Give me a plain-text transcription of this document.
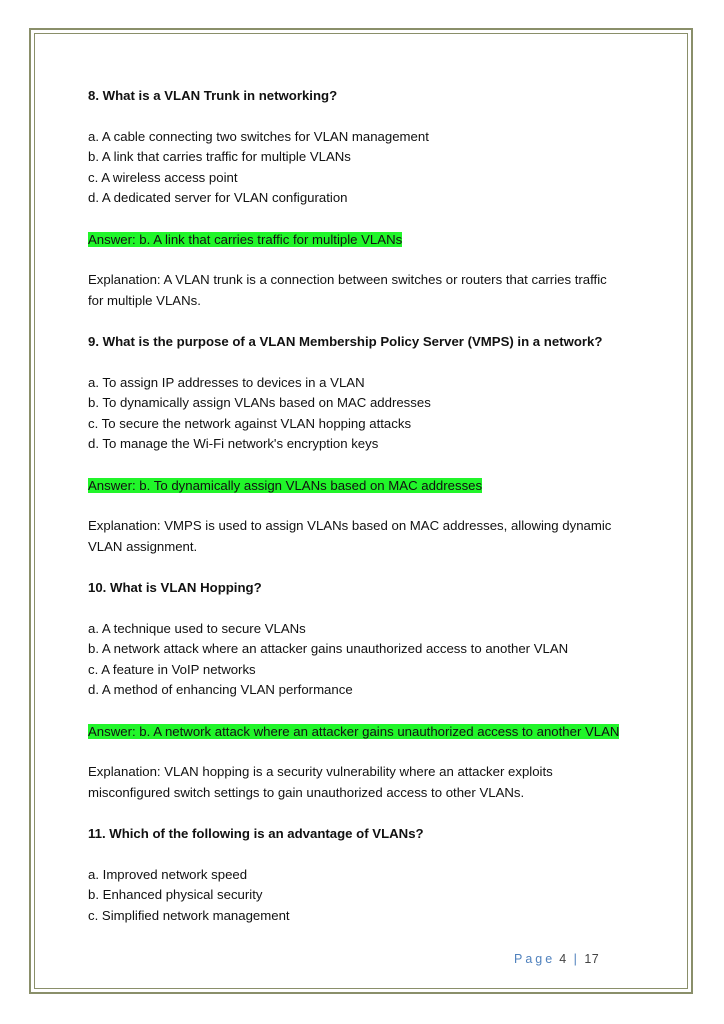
8. What is a VLAN Trunk in networking?

a. A cable connecting two switches for VLAN management

b. A link that carries traffic for multiple VLANs

c. A wireless access point

d. A dedicated server for VLAN configuration

Answer: b. A link that carries traffic for multiple VLANs
Explanation: A VLAN trunk is a connection between switches or routers that carries traffic
for multiple VLANs.

9. What is the purpose of a VLAN Membership Policy Server (VMPS) in a network?

a. To assign IP addresses to devices in a VLAN

b. To dynamically assign VLANs based on MAC addresses

c. To secure the network against VLAN hopping attacks

d. To manage the Wi-Fi network's encryption keys

Answer: b. To dynamically assign VLANs based on MAC addresses
Explanation: VMPS is used to assign VLANs based on MAC addresses, allowing dynamic
VLAN assignment.

10. What is VLAN Hopping?

a. A technique used to secure VLANs

b. A network attack where an attacker gains unauthorized access to another VLAN

c. A feature in VoIP networks

d. A method of enhancing VLAN performance

Answer: b. A network attack where an attacker gains unauthorized access to another VLAN
Explanation: VLAN hopping is a security vulnerability where an attacker exploits
misconfigured switch settings to gain unauthorized access to other VLANs.

11. Which of the following is an advantage of VLANs?

a. Improved network speed

b. Enhanced physical security

c. Simplified network management

Page 4 | 17
